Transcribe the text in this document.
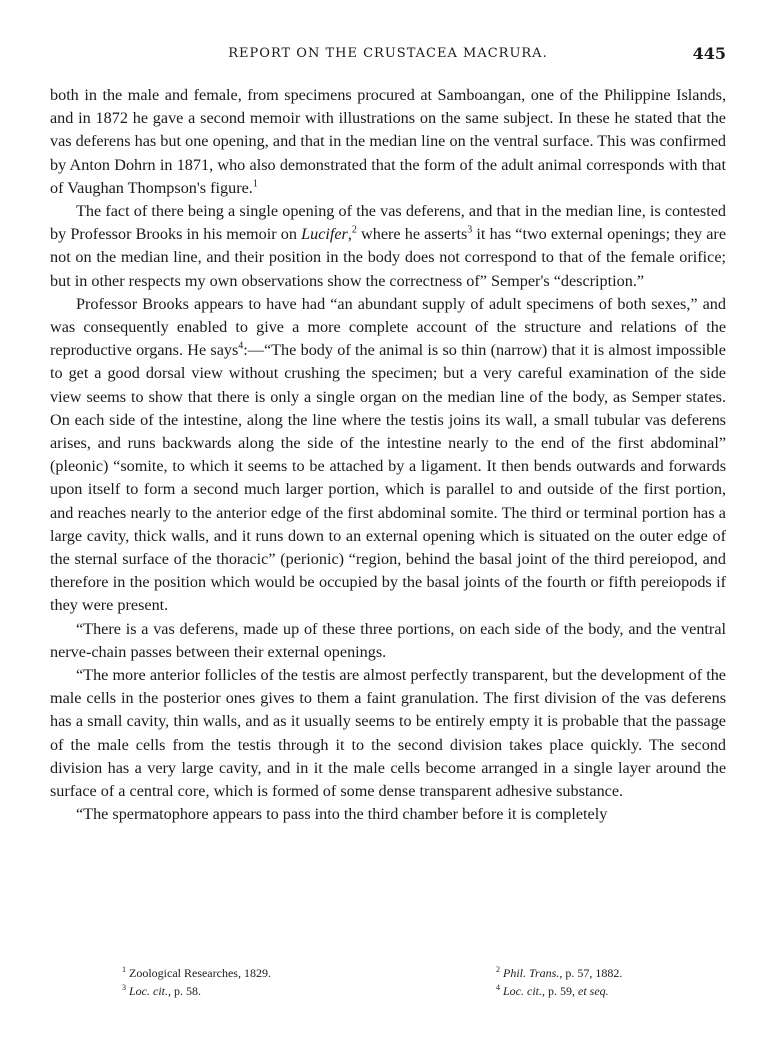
REPORT ON THE CRUSTACEA MACRURA.	445

both in the male and female, from specimens procured at Samboangan, one of the Philippine Islands, and in 1872 he gave a second memoir with illustrations on the same subject. In these he stated that the vas deferens has but one opening, and that in the median line on the ventral surface. This was confirmed by Anton Dohrn in 1871, who also demonstrated that the form of the adult animal corresponds with that of Vaughan Thompson's figure.$^1$

The fact of there being a single opening of the vas deferens, and that in the median line, is contested by Professor Brooks in his memoir on Lucifer,$^2$ where he asserts$^3$ it has “two external openings; they are not on the median line, and their position in the body does not correspond to that of the female orifice; but in other respects my own observations show the correctness of” Semper's “description.”

Professor Brooks appears to have had “an abundant supply of adult specimens of both sexes,” and was consequently enabled to give a more complete account of the structure and relations of the reproductive organs. He says$^4$:—“The body of the animal is so thin (narrow) that it is almost impossible to get a good dorsal view without crushing the specimen; but a very careful examination of the side view seems to show that there is only a single organ on the median line of the body, as Semper states. On each side of the intestine, along the line where the testis joins its wall, a small tubular vas deferens arises, and runs backwards along the side of the intestine nearly to the end of the first abdominal” (pleonic) “somite, to which it seems to be attached by a ligament. It then bends outwards and forwards upon itself to form a second much larger portion, which is parallel to and outside of the first portion, and reaches nearly to the anterior edge of the first abdominal somite. The third or terminal portion has a large cavity, thick walls, and it runs down to an external opening which is situated on the outer edge of the sternal surface of the thoracic” (perionic) “region, behind the basal joint of the third pereiopod, and therefore in the position which would be occupied by the basal joints of the fourth or fifth pereiopods if they were present.

“There is a vas deferens, made up of these three portions, on each side of the body, and the ventral nerve-chain passes between their external openings.

“The more anterior follicles of the testis are almost perfectly transparent, but the development of the male cells in the posterior ones gives to them a faint granulation. The first division of the vas deferens has a small cavity, thin walls, and as it usually seems to be entirely empty it is probable that the passage of the male cells from the testis through it to the second division takes place quickly. The second division has a very large cavity, and in it the male cells become arranged in a single layer around the surface of a central core, which is formed of some dense transparent adhesive substance.

“The spermatophore appears to pass into the third chamber before it is completely

$^1$ Zoological Researches, 1829.
$^3$ Loc. cit., p. 58.
$^2$ Phil. Trans., p. 57, 1882.
$^4$ Loc. cit., p. 59, et seq.
